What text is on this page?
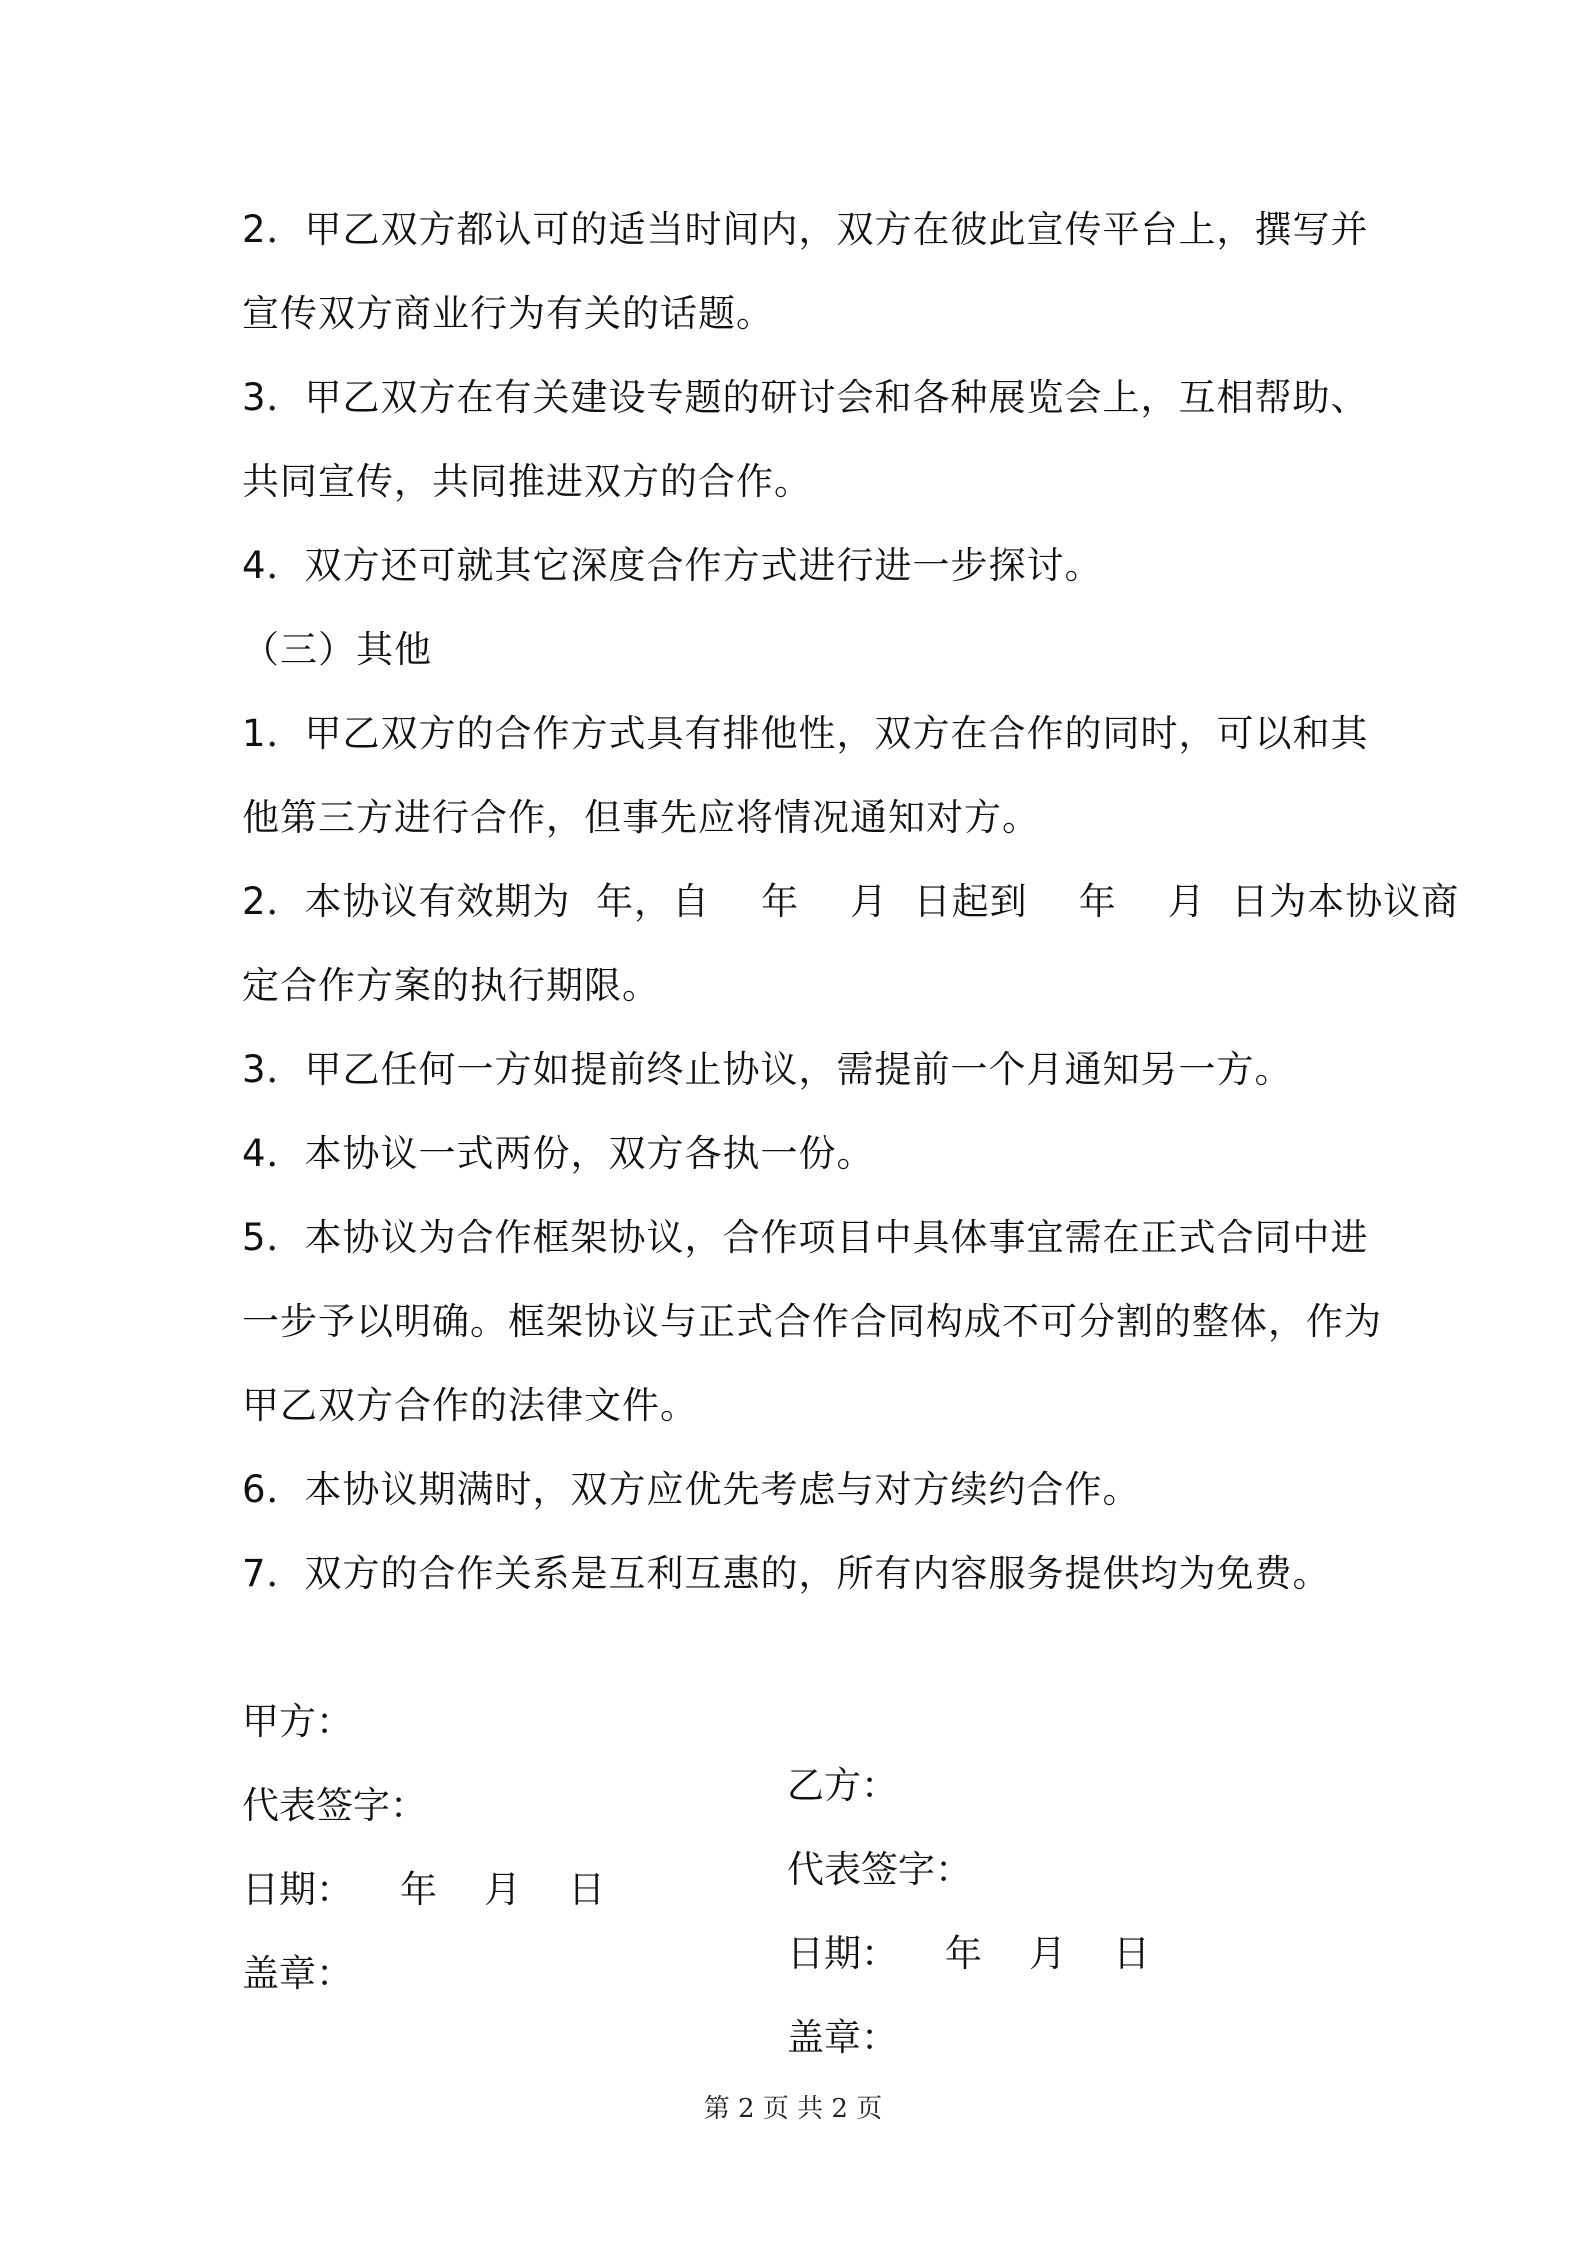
2．甲乙双方都认可的适当时间内，双方在彼此宣传平台上，撰写并
宣传双方商业行为有关的话题。
3．甲乙双方在有关建设专题的研讨会和各种展览会上，互相帮助、
共同宣传，共同推进双方的合作。
4．双方还可就其它深度合作方式进行进一步探讨。
（三）其他
1．甲乙双方的合作方式具有排他性，双方在合作的同时，可以和其
他第三方进行合作，但事先应将情况通知对方。
2．本协议有效期为  年，自    年    月  日起到    年    月  日为本协议商
定合作方案的执行期限。
3．甲乙任何一方如提前终止协议，需提前一个月通知另一方。
4．本协议一式两份，双方各执一份。
5．本协议为合作框架协议，合作项目中具体事宜需在正式合同中进
一步予以明确。框架协议与正式合作合同构成不可分割的整体，作为
甲乙双方合作的法律文件。
6．本协议期满时，双方应优先考虑与对方续约合作。
7．双方的合作关系是互利互惠的，所有内容服务提供均为免费。

甲方：

乙方：

代表签字：

代表签字：

日期：    年    月    日

日期：    年    月    日

盖章：

盖章：

第 2 页 共 2 页
